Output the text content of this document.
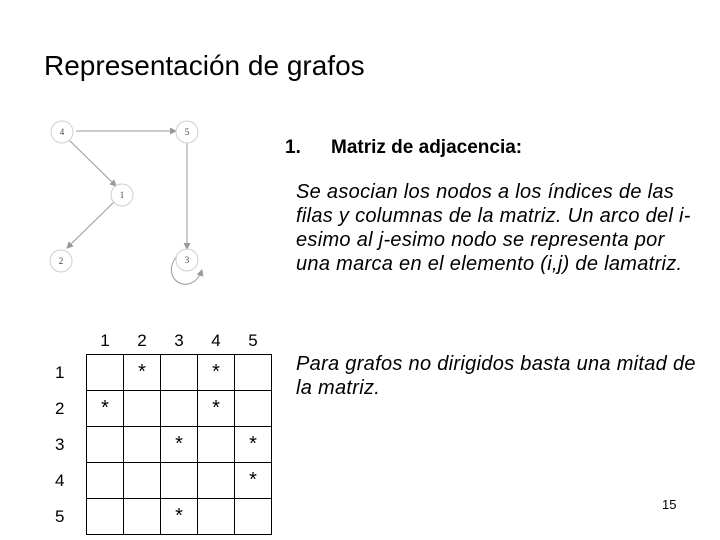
Representación de grafos
4	5
1
2	3
1. Matriz de adjacencia:
Se asocian los nodos a los índices de las filas y columnas de la matriz. Un arco del i-esimo al j-esimo nodo se representa por una marca en el elemento (i,j) de lamatriz.
Para grafos no dirigidos basta una mitad de la matriz.
	1	2	3	4	5
1		*		*	
2	*			*	
3			*		*
4					*
5			*		
15
